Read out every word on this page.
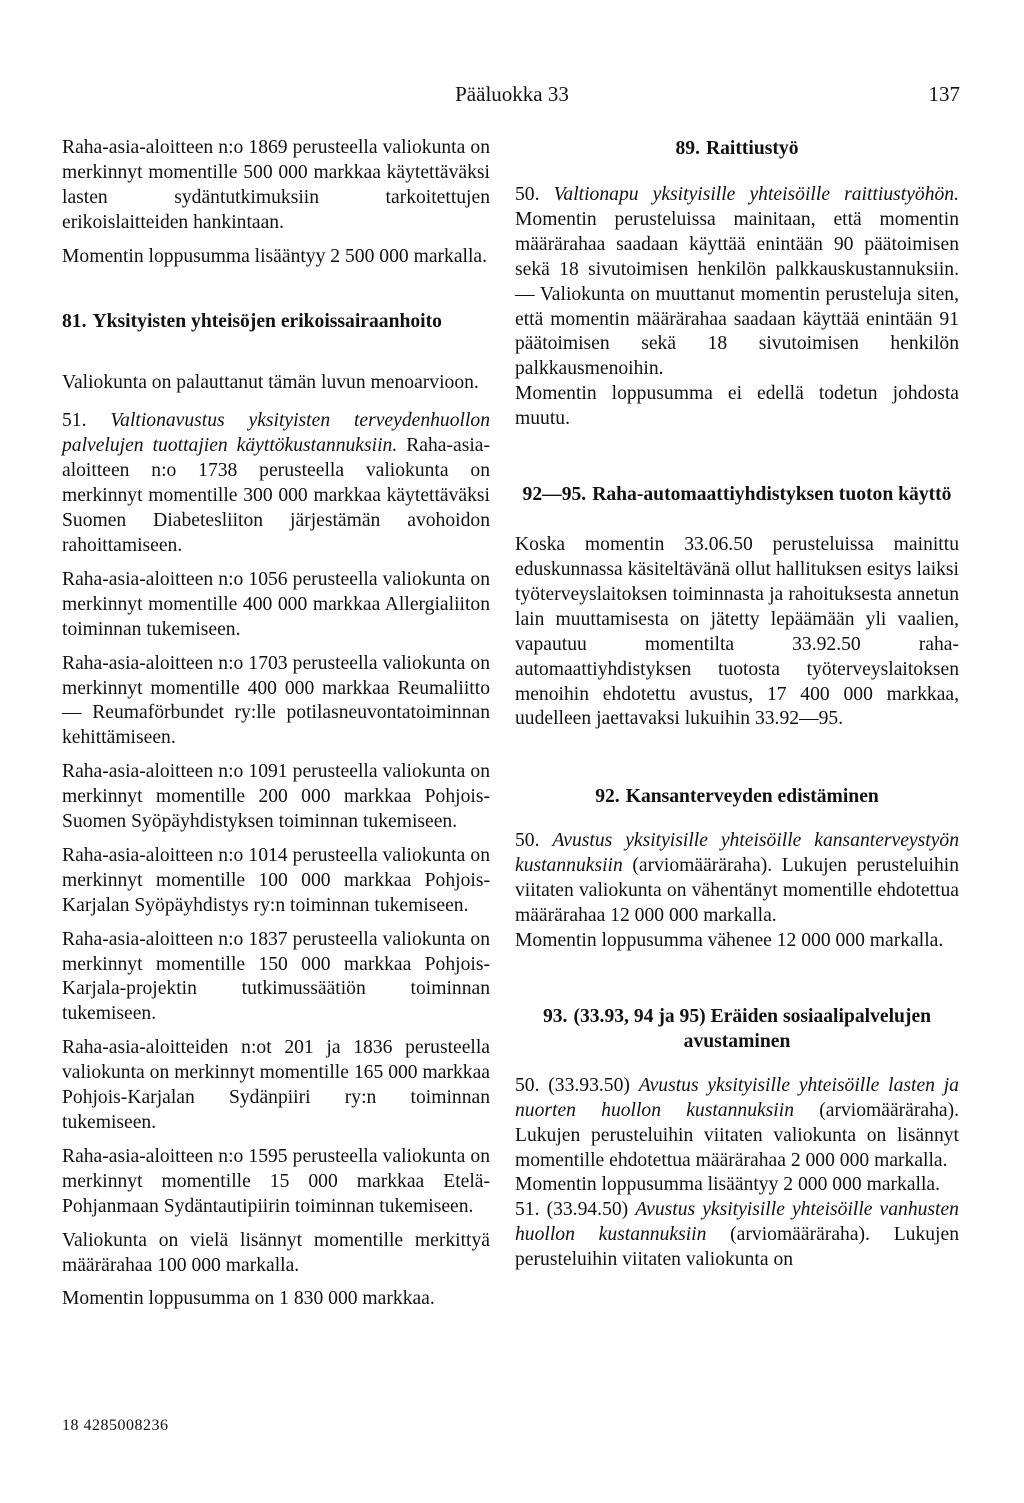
Pääluokka 33	137

Raha-asia-aloitteen n:o 1869 perusteella valiokunta on merkinnyt momentille 500 000 markkaa käytettäväksi lasten sydäntutkimuksiin tarkoitettujen erikoislaitteiden hankintaan.

Momentin loppusumma lisääntyy 2 500 000 markalla.

81. Yksityisten yhteisöjen erikoissairaanhoito

Valiokunta on palauttanut tämän luvun menoarvioon.

51. Valtionavustus yksityisten terveydenhuollon palvelujen tuottajien käyttökustannuksiin. Raha-asia-aloitteen n:o 1738 perusteella valiokunta on merkinnyt momentille 300 000 markkaa käytettäväksi Suomen Diabetesliiton järjestämän avohoidon rahoittamiseen.

Raha-asia-aloitteen n:o 1056 perusteella valiokunta on merkinnyt momentille 400 000 markkaa Allergialiiton toiminnan tukemiseen.

Raha-asia-aloitteen n:o 1703 perusteella valiokunta on merkinnyt momentille 400 000 markkaa Reumaliitto — Reumaförbundet ry:lle potilasneuvontatoiminnan kehittämiseen.

Raha-asia-aloitteen n:o 1091 perusteella valiokunta on merkinnyt momentille 200 000 markkaa Pohjois-Suomen Syöpäyhdistyksen toiminnan tukemiseen.

Raha-asia-aloitteen n:o 1014 perusteella valiokunta on merkinnyt momentille 100 000 markkaa Pohjois-Karjalan Syöpäyhdistys ry:n toiminnan tukemiseen.

Raha-asia-aloitteen n:o 1837 perusteella valiokunta on merkinnyt momentille 150 000 markkaa Pohjois-Karjala-projektin tutkimussäätiön toiminnan tukemiseen.

Raha-asia-aloitteiden n:ot 201 ja 1836 perusteella valiokunta on merkinnyt momentille 165 000 markkaa Pohjois-Karjalan Sydänpiiri ry:n toiminnan tukemiseen.

Raha-asia-aloitteen n:o 1595 perusteella valiokunta on merkinnyt momentille 15 000 markkaa Etelä-Pohjanmaan Sydäntautipiirin toiminnan tukemiseen.

Valiokunta on vielä lisännyt momentille merkittyä määrärahaa 100 000 markalla.

Momentin loppusumma on 1 830 000 markkaa.

89. Raittiustyö

50. Valtionapu yksityisille yhteisöille raittiustyöhön. Momentin perusteluissa mainitaan, että momentin määrärahaa saadaan käyttää enintään 90 päätoimisen sekä 18 sivutoimisen henkilön palkkauskustannuksiin. — Valiokunta on muuttanut momentin perusteluja siten, että momentin määrärahaa saadaan käyttää enintään 91 päätoimisen sekä 18 sivutoimisen henkilön palkkausmenoihin.

Momentin loppusumma ei edellä todetun johdosta muutu.

92—95. Raha-automaattiyhdistyksen tuoton käyttö

Koska momentin 33.06.50 perusteluissa mainittu eduskunnassa käsiteltävänä ollut hallituksen esitys laiksi työterveyslaitoksen toiminnasta ja rahoituksesta annetun lain muuttamisesta on jätetty lepäämään yli vaalien, vapautuu momentilta 33.92.50 raha-automaattiyhdistyksen tuotosta työterveyslaitoksen menoihin ehdotettu avustus, 17 400 000 markkaa, uudelleen jaettavaksi lukuihin 33.92—95.

92. Kansanterveyden edistäminen

50. Avustus yksityisille yhteisöille kansanterveystyön kustannuksiin (arviomääräraha). Lukujen perusteluihin viitaten valiokunta on vähentänyt momentille ehdotettua määrärahaa 12 000 000 markalla.

Momentin loppusumma vähenee 12 000 000 markalla.

93. (33.93, 94 ja 95) Eräiden sosiaalipalvelujen avustaminen

50. (33.93.50) Avustus yksityisille yhteisöille lasten ja nuorten huollon kustannuksiin (arviomääräraha). Lukujen perusteluihin viitaten valiokunta on lisännyt momentille ehdotettua määrärahaa 2 000 000 markalla.

Momentin loppusumma lisääntyy 2 000 000 markalla.

51. (33.94.50) Avustus yksityisille yhteisöille vanhusten huollon kustannuksiin (arviomääräraha). Lukujen perusteluihin viitaten valiokunta on

18 4285008236
